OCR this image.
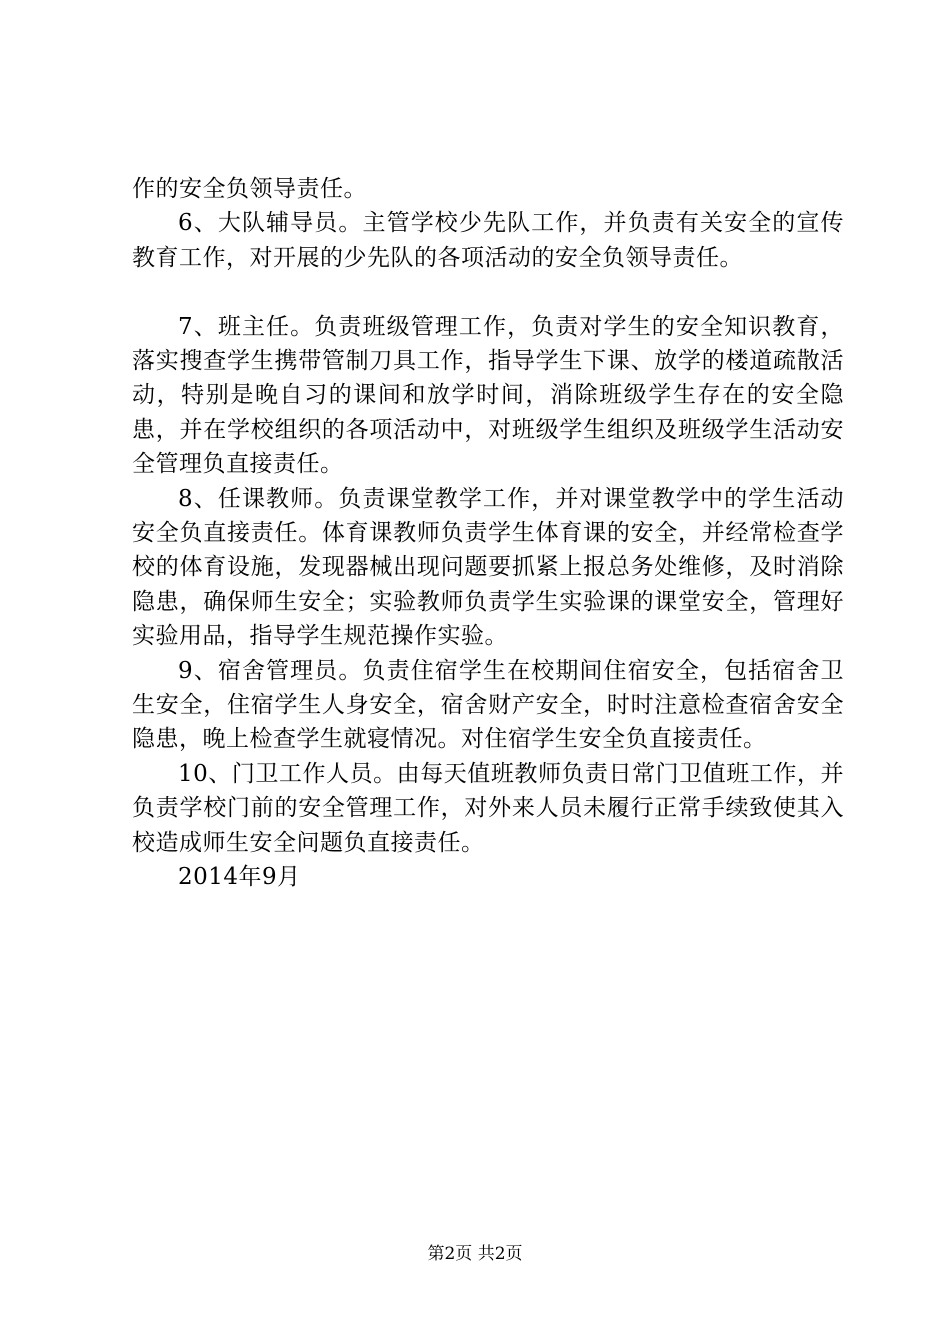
作的安全负领导责任。

6、大队辅导员。主管学校少先队工作，并负责有关安全的宣传教育工作，对开展的少先队的各项活动的安全负领导责任。

7、班主任。负责班级管理工作，负责对学生的安全知识教育，落实搜查学生携带管制刀具工作，指导学生下课、放学的楼道疏散活动，特别是晚自习的课间和放学时间，消除班级学生存在的安全隐患，并在学校组织的各项活动中，对班级学生组织及班级学生活动安全管理负直接责任。

8、任课教师。负责课堂教学工作，并对课堂教学中的学生活动安全负直接责任。体育课教师负责学生体育课的安全，并经常检查学校的体育设施，发现器械出现问题要抓紧上报总务处维修，及时消除隐患，确保师生安全；实验教师负责学生实验课的课堂安全，管理好实验用品，指导学生规范操作实验。

9、宿舍管理员。负责住宿学生在校期间住宿安全，包括宿舍卫生安全，住宿学生人身安全，宿舍财产安全，时时注意检查宿舍安全隐患，晚上检查学生就寝情况。对住宿学生安全负直接责任。

10、门卫工作人员。由每天值班教师负责日常门卫值班工作，并负责学校门前的安全管理工作，对外来人员未履行正常手续致使其入校造成师生安全问题负直接责任。

2014年9月

第2页 共2页
